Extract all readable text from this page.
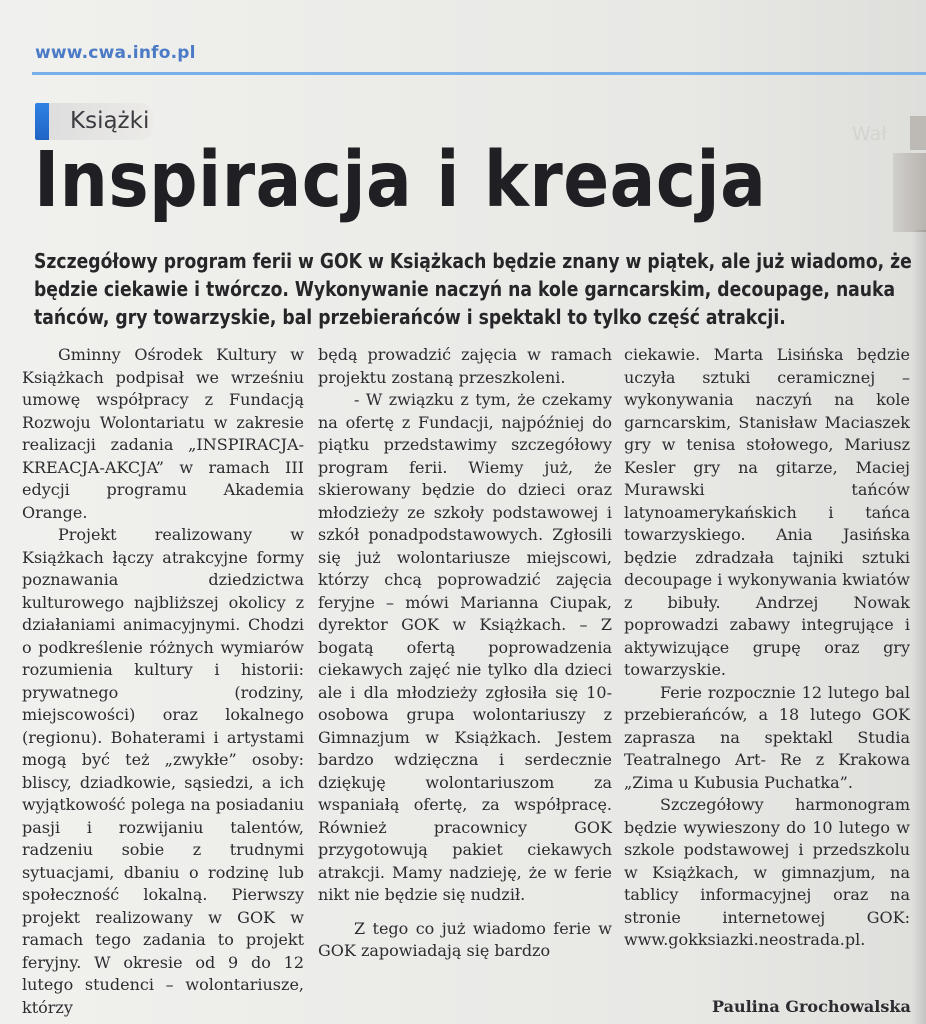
www.cwa.info.pl
Książki
Inspiracja i kreacja
Szczegółowy program ferii w GOK w Książkach będzie znany w piątek, ale już wiadomo, że
będzie ciekawie i twórczo. Wykonywanie naczyń na kole garncarskim, decoupage, nauka
tańców, gry towarzyskie, bal przebierańców i spektakl to tylko część atrakcji.

Gminny Ośrodek Kultury w Książkach podpisał we wrześniu umowę współpracy z Fundacją Rozwoju Wolontariatu w zakresie realizacji zadania „INSPIRACJA-KREACJA-AKCJA” w ramach III edycji programu Akademia Orange.

Projekt realizowany w Książkach łączy atrakcyjne formy poznawania dziedzictwa kulturowego najbliższej okolicy z działaniami animacyjnymi. Chodzi o podkreślenie różnych wymiarów rozumienia kultury i historii: prywatnego (rodziny, miejscowości) oraz lokalnego (regionu). Bohaterami i artystami mogą być też „zwykłe” osoby: bliscy, dziadkowie, sąsiedzi, a ich wyjątkowość polega na posiadaniu pasji i rozwijaniu talentów, radzeniu sobie z trudnymi sytuacjami, dbaniu o rodzinę lub społeczność lokalną. Pierwszy projekt realizowany w GOK w ramach tego zadania to projekt feryjny. W okresie od 9 do 12 lutego studenci – wolontariusze, którzy

będą prowadzić zajęcia w ramach projektu zostaną przeszkoleni.

- W związku z tym, że czekamy na ofertę z Fundacji, najpóźniej do piątku przedstawimy szczegółowy program ferii. Wiemy już, że skierowany będzie do dzieci oraz młodzieży ze szkoły podstawowej i szkół ponadpodstawowych. Zgłosili się już wolontariusze miejscowi, którzy chcą poprowadzić zajęcia feryjne – mówi Marianna Ciupak, dyrektor GOK w Książkach. – Z bogatą ofertą poprowadzenia ciekawych zajęć nie tylko dla dzieci ale i dla młodzieży zgłosiła się 10-osobowa grupa wolontariuszy z Gimnazjum w Książkach. Jestem bardzo wdzięczna i serdecznie dziękuję wolontariuszom za wspaniałą ofertę, za współpracę. Również pracownicy GOK przygotowują pakiet ciekawych atrakcji. Mamy nadzieję, że w ferie nikt nie będzie się nudził.

Z tego co już wiadomo ferie w GOK zapowiadają się bardzo

ciekawie. Marta Lisińska będzie uczyła sztuki ceramicznej – wykonywania naczyń na kole garncarskim, Stanisław Maciaszek gry w tenisa stołowego, Mariusz Kesler gry na gitarze, Maciej Murawski tańców latynoamerykańskich i tańca towarzyskiego. Ania Jasińska będzie zdradzała tajniki sztuki decoupage i wykonywania kwiatów z bibuły. Andrzej Nowak poprowadzi zabawy integrujące i aktywizujące grupę oraz gry towarzyskie.

Ferie rozpocznie 12 lutego bal przebierańców, a 18 lutego GOK zaprasza na spektakl Studia Teatralnego Art- Re z Krakowa „Zima u Kubusia Puchatka”.

Szczegółowy harmonogram będzie wywieszony do 10 lutego w szkole podstawowej i przedszkolu w Książkach, w gimnazjum, na tablicy informacyjnej oraz na stronie internetowej GOK: www.gokksiazki.neostrada.pl.

Paulina Grochowalska
Wał
